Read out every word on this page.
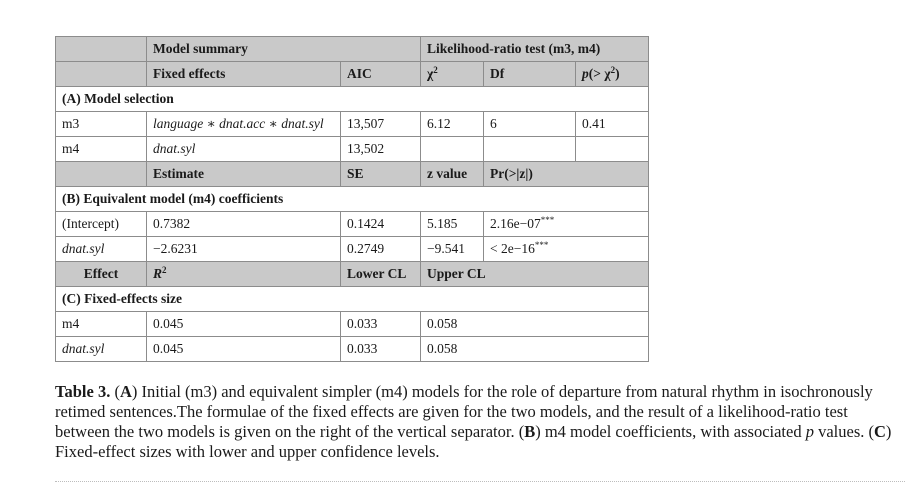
	Model summary		Likelihood-ratio test (m3, m4)		
	Fixed effects	AIC	$\chi^2$	Df	$p(> \chi^2)$
(A) Model selection					
m3	language ∗ dnat.acc ∗ dnat.syl	13,507	6.12	6	0.41
m4	dnat.syl	13,502			
	Estimate	SE	z value	Pr(>|z|)	
(B) Equivalent model (m4) coefficients					
(Intercept)	0.7382	0.1424	5.185	2.16e−07***
dnat.syl	−2.6231	0.2749	−9.541	< 2e−16***
Effect	$R^2$	Lower CL	Upper CL		
(C) Fixed-effects size					
m4	0.045	0.033	0.058		
dnat.syl	0.045	0.033	0.058		

Table 3. (A) Initial (m3) and equivalent simpler (m4) models for the role of departure from natural rhythm in isochronously retimed sentences.The formulae of the fixed effects are given for the two models, and the result of a likelihood-ratio test between the two models is given on the right of the vertical separator. (B) m4 model coefficients, with associated p values. (C) Fixed-effect sizes with lower and upper confidence levels.
